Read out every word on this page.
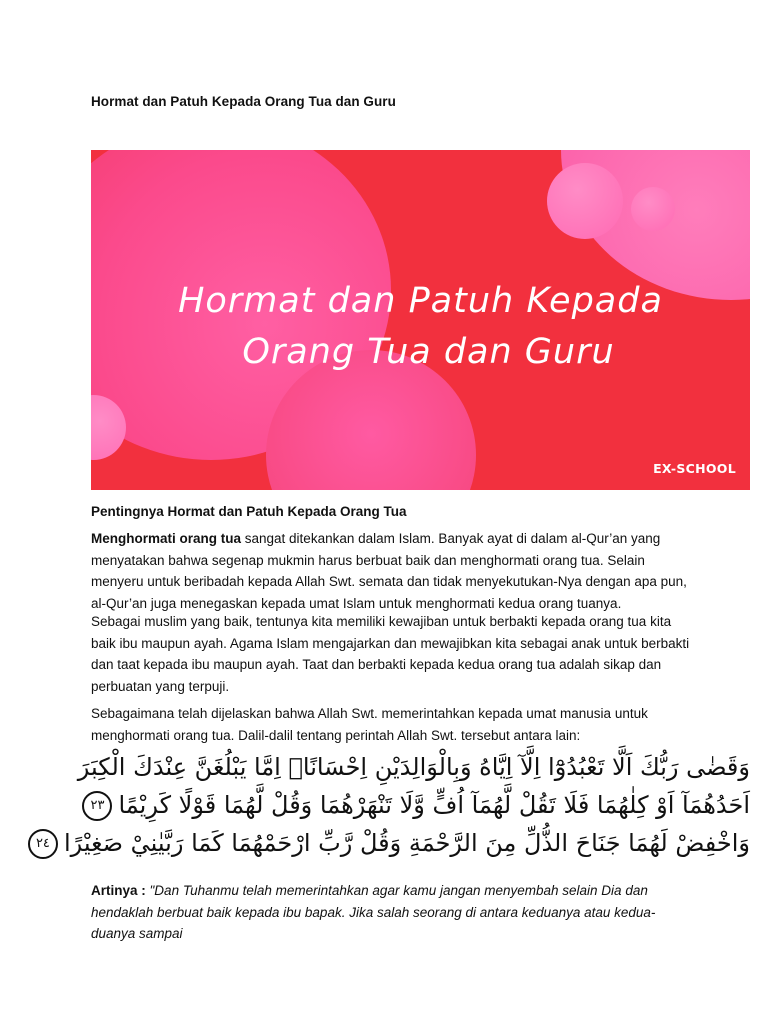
Hormat dan Patuh Kepada Orang Tua dan Guru
Hormat dan Patuh Kepada
Orang Tua dan Guru
EX-SCHOOL
Pentingnya Hormat dan Patuh Kepada Orang Tua

Menghormati orang tua sangat ditekankan dalam Islam. Banyak ayat di dalam al-Qur’an yang menyatakan bahwa segenap mukmin harus berbuat baik dan menghormati orang tua. Selain menyeru untuk beribadah kepada Allah Swt. semata dan tidak menyekutukan-Nya dengan apa pun, al-Qur’an juga menegaskan kepada umat Islam untuk menghormati kedua orang tuanya.

Sebagai muslim yang baik, tentunya kita memiliki kewajiban untuk berbakti kepada orang tua kita baik ibu maupun ayah. Agama Islam mengajarkan dan mewajibkan kita sebagai anak untuk berbakti dan taat kepada ibu maupun ayah. Taat dan berbakti kepada kedua orang tua adalah sikap dan perbuatan yang terpuji.

Sebagaimana telah dijelaskan bahwa Allah Swt. memerintahkan kepada umat manusia untuk menghormati orang tua. Dalil-dalil tentang perintah Allah Swt. tersebut antara lain:

وَقَضٰى رَبُّكَ اَلَّا تَعْبُدُوْٓا اِلَّآ اِيَّاهُ وَبِالْوَالِدَيْنِ اِحْسَانًاۗ اِمَّا يَبْلُغَنَّ عِنْدَكَ الْكِبَرَ
اَحَدُهُمَآ اَوْ كِلٰهُمَا فَلَا تَقُلْ لَّهُمَآ اُفٍّ وَّلَا تَنْهَرْهُمَا وَقُلْ لَّهُمَا قَوْلًا كَرِيْمًا٢٣
وَاخْفِضْ لَهُمَا جَنَاحَ الذُّلِّ مِنَ الرَّحْمَةِ وَقُلْ رَّبِّ ارْحَمْهُمَا كَمَا رَبَّيٰنِيْ صَغِيْرًا٢٤

Artinya : "Dan Tuhanmu telah memerintahkan agar kamu jangan menyembah selain Dia dan hendaklah berbuat baik kepada ibu bapak. Jika salah seorang di antara keduanya atau kedua-duanya sampai
